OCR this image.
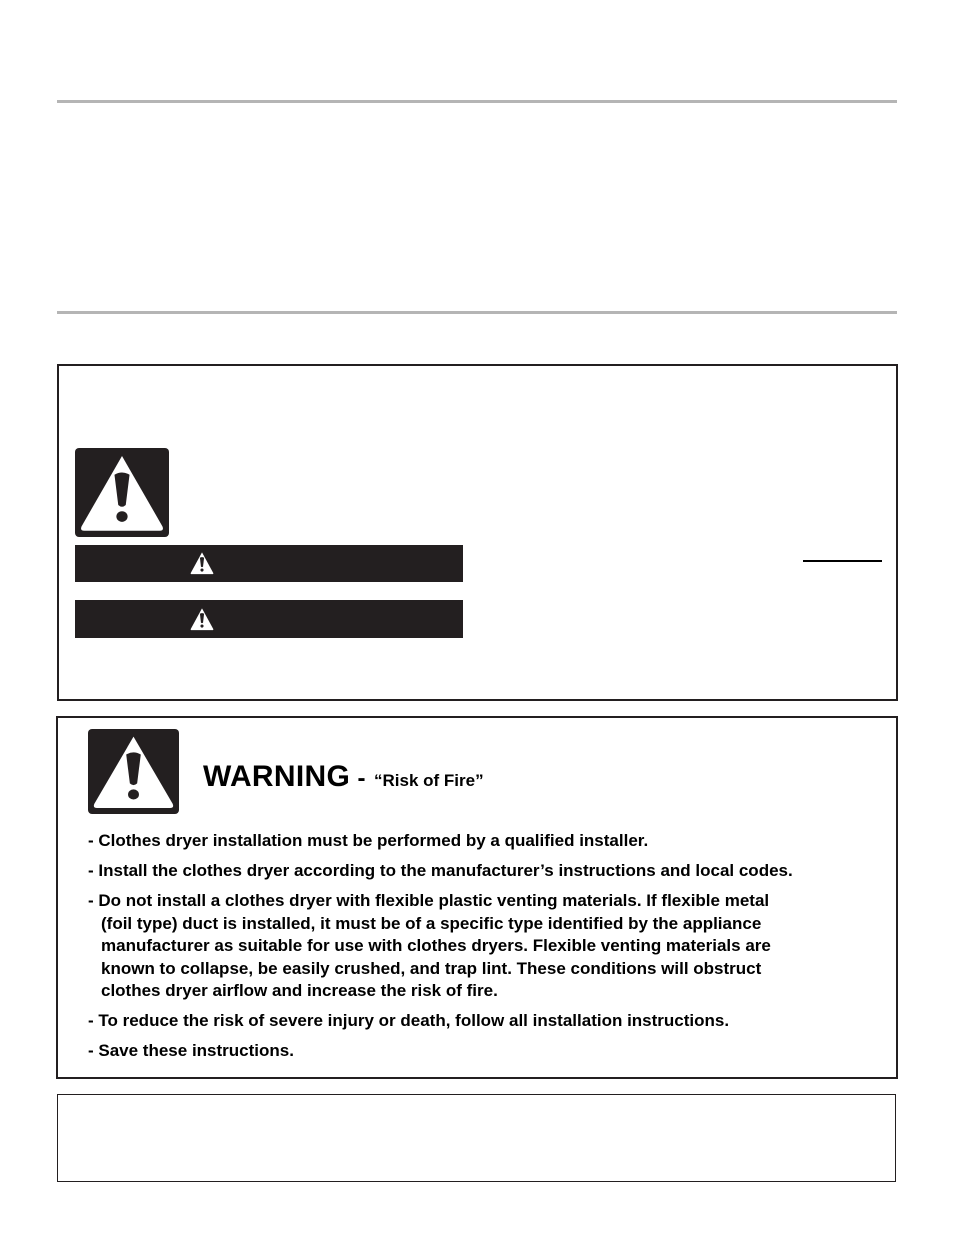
WARNING - “Risk of Fire”
- Clothes dryer installation must be performed by a qualified installer.
- Install the clothes dryer according to the manufacturer’s instructions and local codes.
- Do not install a clothes dryer with flexible plastic venting materials. If flexible metal
(foil type) duct is installed, it must be of a specific type identified by the appliance
manufacturer as suitable for use with clothes dryers. Flexible venting materials are
known to collapse, be easily crushed, and trap lint. These conditions will obstruct
clothes dryer airflow and increase the risk of fire.
- To reduce the risk of severe injury or death, follow all installation instructions.
- Save these instructions.
